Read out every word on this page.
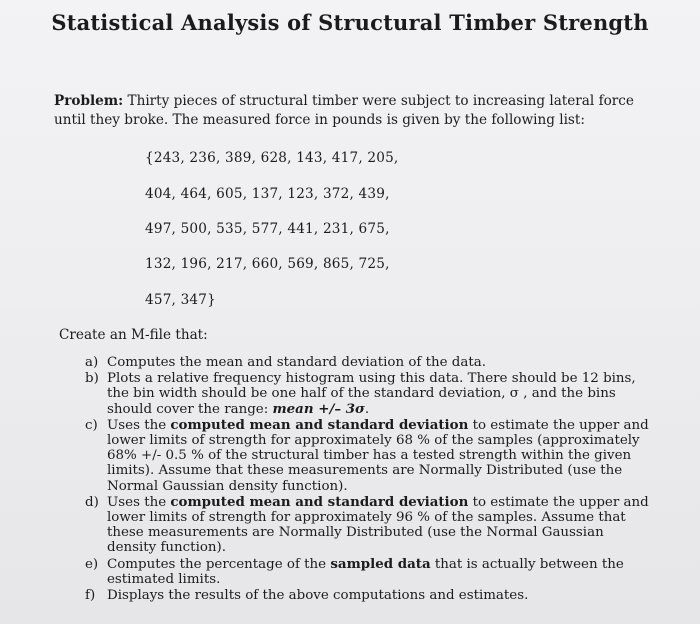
Statistical Analysis of Structural Timber Strength
Problem: Thirty pieces of structural timber were subject to increasing lateral force until they broke. The measured force in pounds is given by the following list:
{243, 236, 389, 628, 143, 417, 205,
404, 464, 605, 137, 123, 372, 439,
497, 500, 535, 577, 441, 231, 675,
132, 196, 217, 660, 569, 865, 725,
457, 347}
Create an M-file that:
a) Computes the mean and standard deviation of the data.
b) Plots a relative frequency histogram using this data. There should be 12 bins, the bin width should be one half of the standard deviation, σ , and the bins should cover the range: mean +/– 3σ.
c) Uses the computed mean and standard deviation to estimate the upper and lower limits of strength for approximately 68 % of the samples (approximately 68% +/- 0.5 % of the structural timber has a tested strength within the given limits). Assume that these measurements are Normally Distributed (use the Normal Gaussian density function).
d) Uses the computed mean and standard deviation to estimate the upper and lower limits of strength for approximately 96 % of the samples. Assume that these measurements are Normally Distributed (use the Normal Gaussian density function).
e) Computes the percentage of the sampled data that is actually between the estimated limits.
f) Displays the results of the above computations and estimates.
